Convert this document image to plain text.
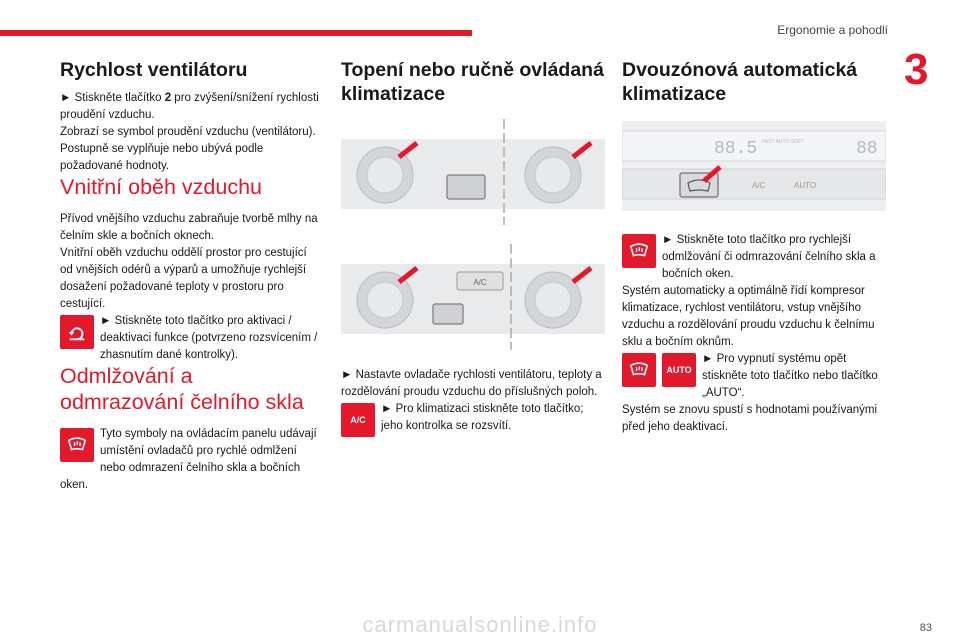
Ergonomie a pohodlí
3
Rychlost ventilátoru

► Stiskněte tlačítko 2 pro zvýšení/snížení rychlosti proudění vzduchu.

Zobrazí se symbol proudění vzduchu (ventilátoru). Postupně se vyplňuje nebo ubývá podle požadované hodnoty.

Vnitřní oběh vzduchu

Přívod vnějšího vzduchu zabraňuje tvorbě mlhy na čelním skle a bočních oknech.

Vnitřní oběh vzduchu oddělí prostor pro cestující od vnějších odérů a výparů a umožňuje rychlejší dosažení požadované teploty v prostoru pro cestující.

► Stiskněte toto tlačítko pro aktivaci / deaktivaci funkce (potvrzeno rozsvícením / zhasnutím dané kontrolky).

Odmlžování a odmrazování čelního skla

Tyto symboly na ovládacím panelu udávají umístění ovladačů pro rychlé odmlžení nebo odmrazení čelního skla a bočních oken.

Topení nebo ručně ovládaná klimatizace
A/C

► Nastavte ovladače rychlosti ventilátoru, teploty a rozdělování proudu vzduchu do příslušných poloh.

A/C

► Pro klimatizaci stiskněte toto tlačítko; jeho kontrolka se rozsvítí.

Dvouzónová automatická klimatizace
88.5 FAST AUTO SOFT	88
A/C	AUTO

► Stiskněte toto tlačítko pro rychlejší odmlžování či odmrazování čelního skla a bočních oken.

Systém automaticky a optimálně řídí kompresor klimatizace, rychlost ventilátoru, vstup vnějšího vzduchu a rozdělování proudu vzduchu k čelnímu sklu a bočním oknům.

AUTO

► Pro vypnutí systému opět stiskněte toto tlačítko nebo tlačítko „AUTO“.

Systém se znovu spustí s hodnotami používanými před jeho deaktivací.

83
carmanualsonline.info
